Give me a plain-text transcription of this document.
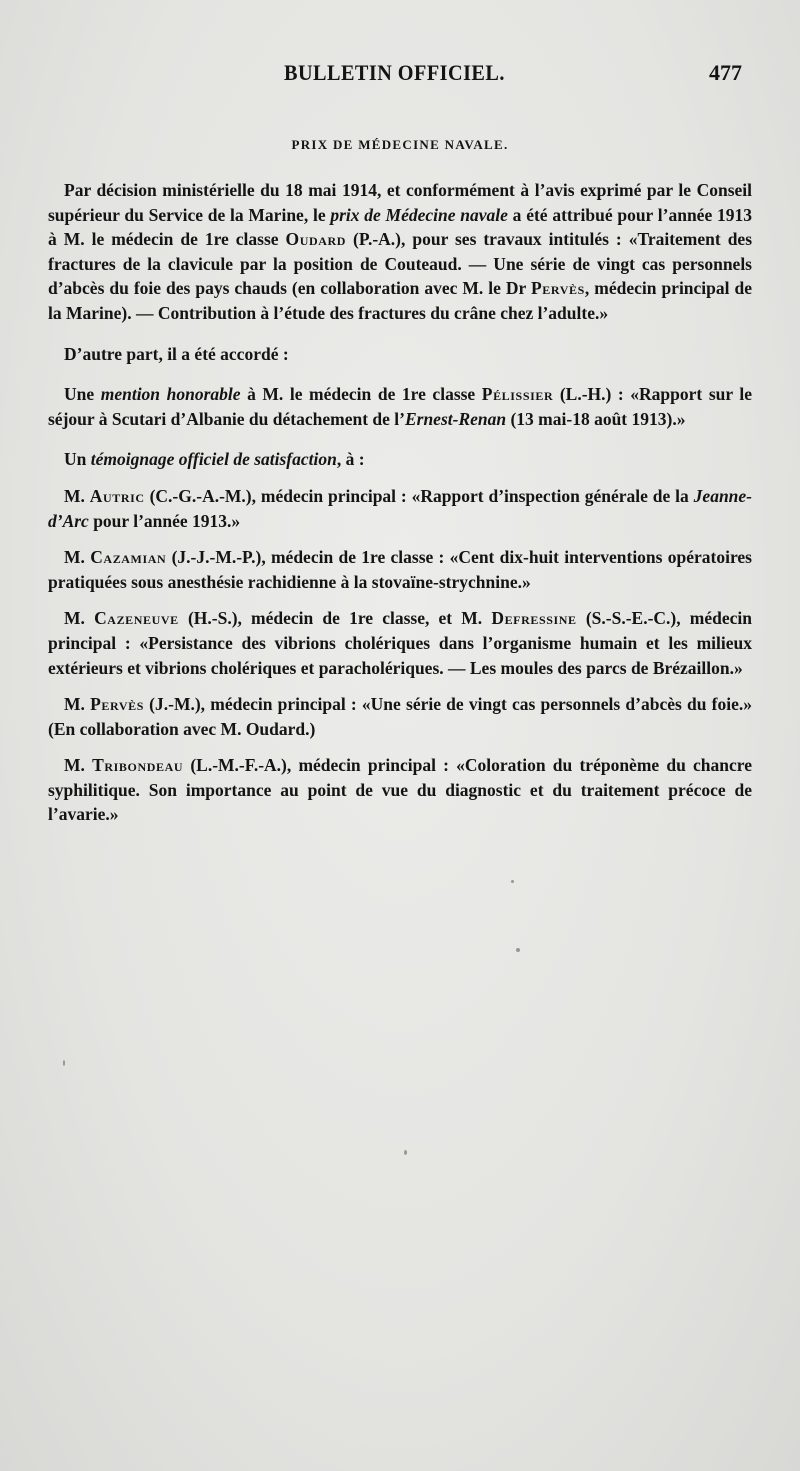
BULLETIN OFFICIEL.	477
PRIX DE MÉDECINE NAVALE.

Par décision ministérielle du 18 mai 1914, et conformément à l’avis exprimé par le Conseil supérieur du Service de la Marine, le prix de Médecine navale a été attribué pour l’année 1913 à M. le médecin de 1re classe Oudard (P.-A.), pour ses travaux intitulés : «Traitement des fractures de la clavicule par la position de Couteaud. — Une série de vingt cas personnels d’abcès du foie des pays chauds (en collaboration avec M. le Dr Pervès, médecin principal de la Marine). — Contribution à l’étude des fractures du crâne chez l’adulte.»

D’autre part, il a été accordé :

Une mention honorable à M. le médecin de 1re classe Pélissier (L.-H.) : «Rapport sur le séjour à Scutari d’Albanie du détachement de l’Ernest-Renan (13 mai-18 août 1913).»

Un témoignage officiel de satisfaction, à :

M. Autric (C.-G.-A.-M.), médecin principal : «Rapport d’inspection générale de la Jeanne-d’Arc pour l’année 1913.»

M. Cazamian (J.-J.-M.-P.), médecin de 1re classe : «Cent dix-huit interventions opératoires pratiquées sous anesthésie rachidienne à la stovaïne-strychnine.»

M. Cazeneuve (H.-S.), médecin de 1re classe, et M. Defressine (S.-S.-E.-C.), médecin principal : «Persistance des vibrions cholériques dans l’organisme humain et les milieux extérieurs et vibrions cholériques et paracholériques. — Les moules des parcs de Brézaillon.»

M. Pervès (J.-M.), médecin principal : «Une série de vingt cas personnels d’abcès du foie.» (En collaboration avec M. Oudard.)

M. Tribondeau (L.-M.-F.-A.), médecin principal : «Coloration du tréponème du chancre syphilitique. Son importance au point de vue du diagnostic et du traitement précoce de l’avarie.»
